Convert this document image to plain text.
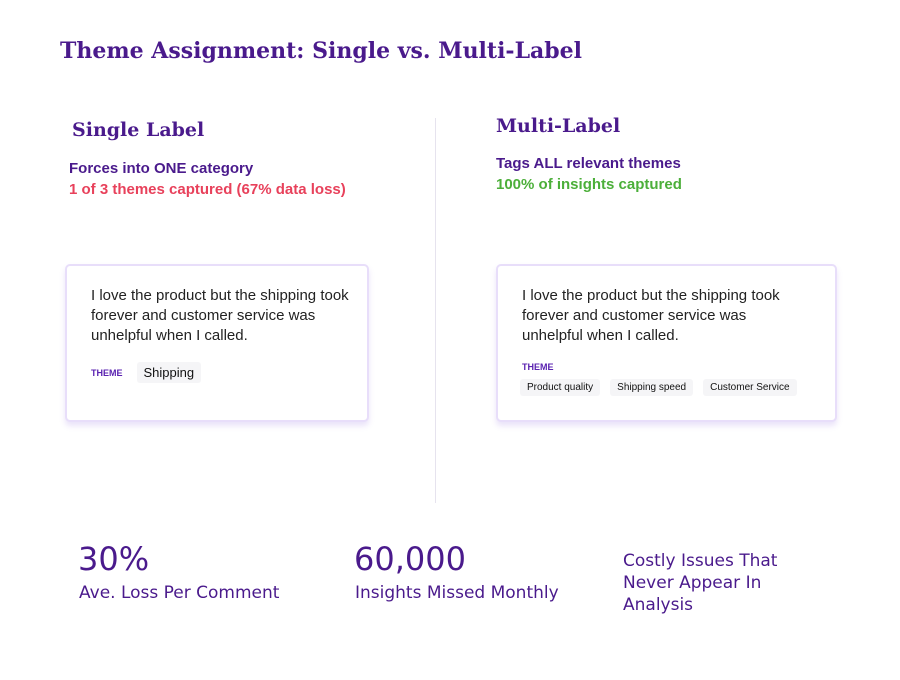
Theme Assignment: Single vs. Multi-Label
Single Label
Forces into ONE category
1 of 3 themes captured (67% data loss)
Multi-Label
Tags ALL relevant themes
100% of insights captured
I love the product but the shipping took forever and customer service was unhelpful when I called.
THEME	Shipping
I love the product but the shipping took forever and customer service was unhelpful when I called.
THEME
Product quality	Shipping speed	Customer Service
30%
Ave. Loss Per Comment
60,000
Insights Missed Monthly
Costly Issues That Never Appear In Analysis
